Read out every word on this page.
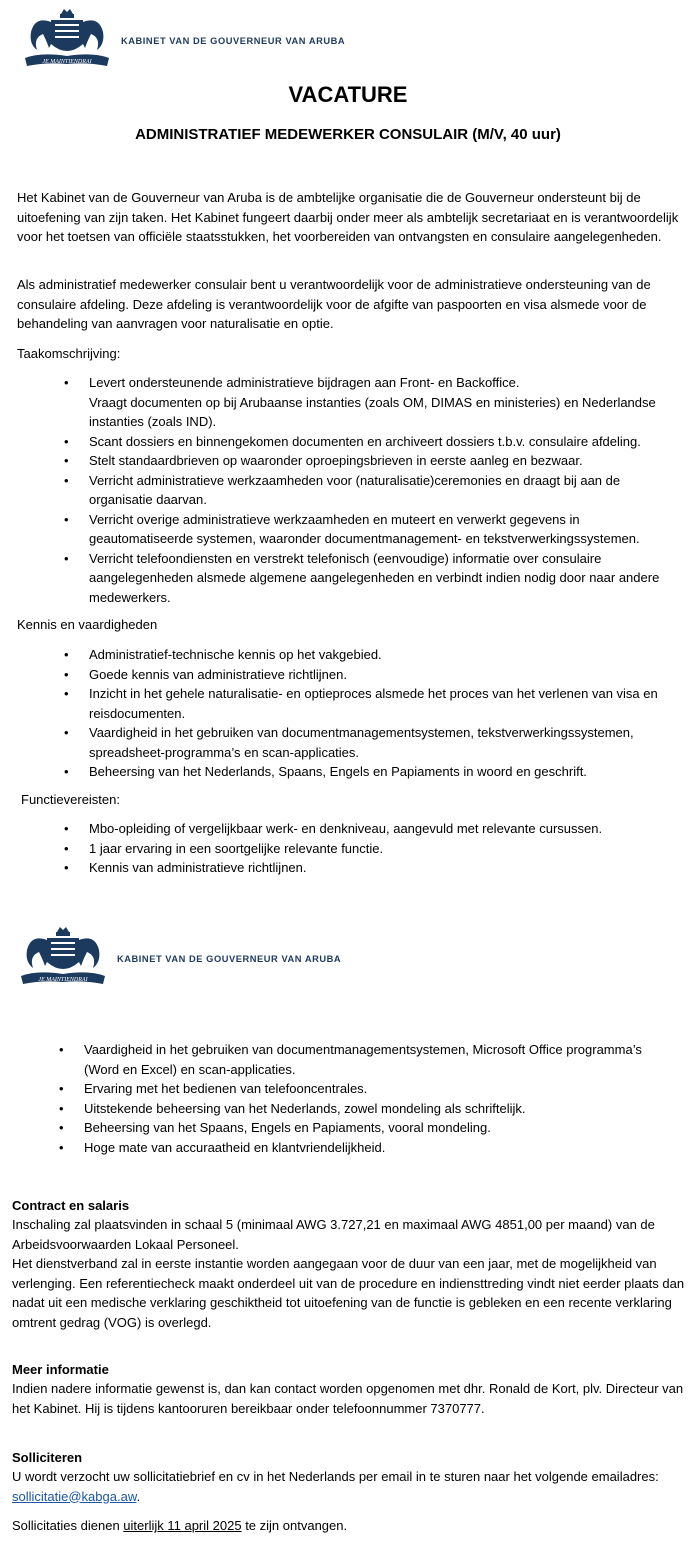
JE MAINTIENDRAI
KABINET VAN DE GOUVERNEUR VAN ARUBA
VACATURE
ADMINISTRATIEF MEDEWERKER CONSULAIR (M/V, 40 uur)

Het Kabinet van de Gouverneur van Aruba is de ambtelijke organisatie die de Gouverneur ondersteunt bij de uitoefening van zijn taken. Het Kabinet fungeert daarbij onder meer als ambtelijk secretariaat en is verantwoordelijk voor het toetsen van officiële staatsstukken, het voorbereiden van ontvangsten en consulaire aangelegenheden.

Als administratief medewerker consulair bent u verantwoordelijk voor de administratieve ondersteuning van de consulaire afdeling. Deze afdeling is verantwoordelijk voor de afgifte van paspoorten en visa alsmede voor de behandeling van aanvragen voor naturalisatie en optie.

Taakomschrijving:
• Levert ondersteunende administratieve bijdragen aan Front- en Backoffice.
Vraagt documenten op bij Arubaanse instanties (zoals OM, DIMAS en ministeries) en Nederlandse instanties (zoals IND).
• Scant dossiers en binnengekomen documenten en archiveert dossiers t.b.v. consulaire afdeling.
• Stelt standaardbrieven op waaronder oproepingsbrieven in eerste aanleg en bezwaar.
• Verricht administratieve werkzaamheden voor (naturalisatie)ceremonies en draagt bij aan de organisatie daarvan.
• Verricht overige administratieve werkzaamheden en muteert en verwerkt gegevens in geautomatiseerde systemen, waaronder documentmanagement- en tekstverwerkingssystemen.
• Verricht telefoondiensten en verstrekt telefonisch (eenvoudige) informatie over consulaire aangelegenheden alsmede algemene aangelegenheden en verbindt indien nodig door naar andere medewerkers.
Kennis en vaardigheden
• Administratief-technische kennis op het vakgebied.
• Goede kennis van administratieve richtlijnen.
• Inzicht in het gehele naturalisatie- en optieproces alsmede het proces van het verlenen van visa en reisdocumenten.
• Vaardigheid in het gebruiken van documentmanagementsystemen, tekstverwerkingssystemen, spreadsheet-programma’s en scan-applicaties.
• Beheersing van het Nederlands, Spaans, Engels en Papiaments in woord en geschrift.
Functievereisten:
• Mbo-opleiding of vergelijkbaar werk- en denkniveau, aangevuld met relevante cursussen.
• 1 jaar ervaring in een soortgelijke relevante functie.
• Kennis van administratieve richtlijnen.
JE MAINTIENDRAI
KABINET VAN DE GOUVERNEUR VAN ARUBA
• Vaardigheid in het gebruiken van documentmanagementsystemen, Microsoft Office programma’s (Word en Excel) en scan-applicaties.
• Ervaring met het bedienen van telefooncentrales.
• Uitstekende beheersing van het Nederlands, zowel mondeling als schriftelijk.
• Beheersing van het Spaans, Engels en Papiaments, vooral mondeling.
• Hoge mate van accuraatheid en klantvriendelijkheid.
Contract en salaris

Inschaling zal plaatsvinden in schaal 5 (minimaal AWG 3.727,21 en maximaal AWG 4851,00 per maand) van de Arbeidsvoorwaarden Lokaal Personeel.
Het dienstverband zal in eerste instantie worden aangegaan voor de duur van een jaar, met de mogelijkheid van verlenging. Een referentiecheck maakt onderdeel uit van de procedure en indiensttreding vindt niet eerder plaats dan nadat uit een medische verklaring geschiktheid tot uitoefening van de functie is gebleken en een recente verklaring omtrent gedrag (VOG) is overlegd.

Meer informatie

Indien nadere informatie gewenst is, dan kan contact worden opgenomen met dhr. Ronald de Kort, plv. Directeur van het Kabinet. Hij is tijdens kantooruren bereikbaar onder telefoonnummer 7370777.

Solliciteren

U wordt verzocht uw sollicitatiebrief en cv in het Nederlands per email in te sturen naar het volgende emailadres: sollicitatie@kabga.aw.

Sollicitaties dienen uiterlijk 11 april 2025 te zijn ontvangen.
